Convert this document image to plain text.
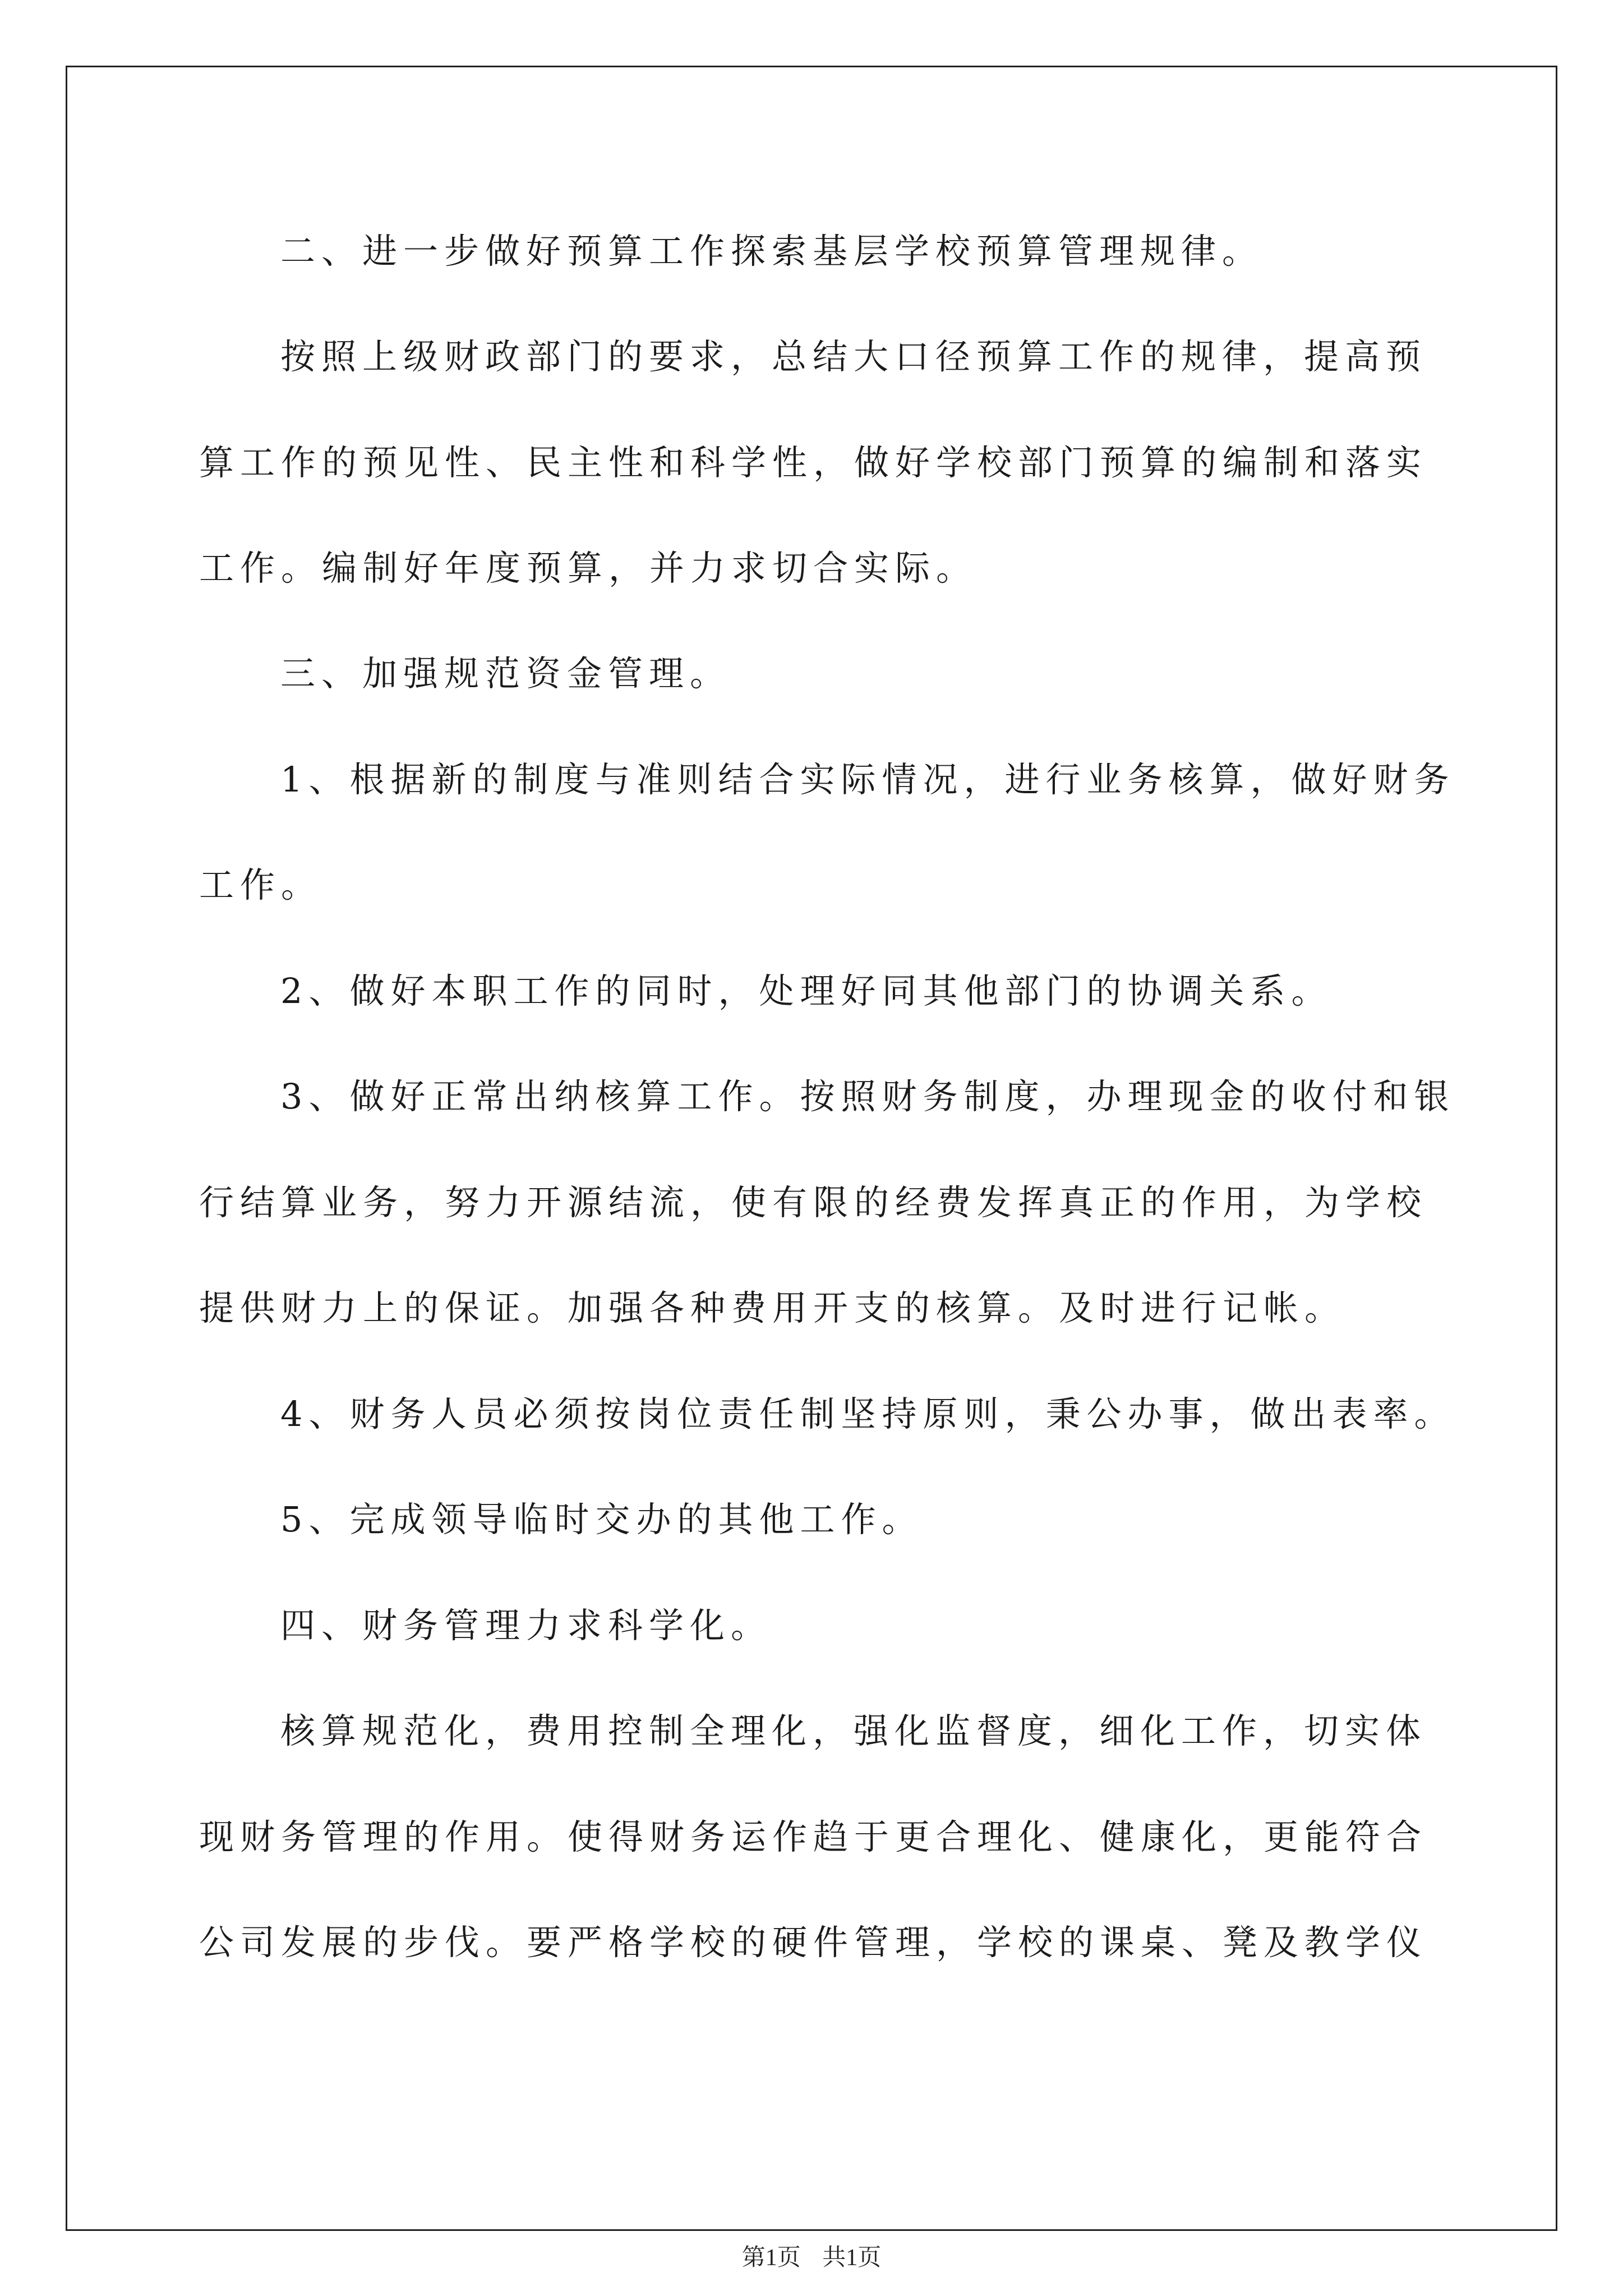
二、进一步做好预算工作探索基层学校预算管理规律。
按照上级财政部门的要求，总结大口径预算工作的规律，提高预
算工作的预见性、民主性和科学性，做好学校部门预算的编制和落实
工作。编制好年度预算，并力求切合实际。
三、加强规范资金管理。
1、根据新的制度与准则结合实际情况，进行业务核算，做好财务
工作。
2、做好本职工作的同时，处理好同其他部门的协调关系。
3、做好正常出纳核算工作。按照财务制度，办理现金的收付和银
行结算业务，努力开源结流，使有限的经费发挥真正的作用，为学校
提供财力上的保证。加强各种费用开支的核算。及时进行记帐。
4、财务人员必须按岗位责任制坚持原则，秉公办事，做出表率。
5、完成领导临时交办的其他工作。
四、财务管理力求科学化。
核算规范化，费用控制全理化，强化监督度，细化工作，切实体
现财务管理的作用。使得财务运作趋于更合理化、健康化，更能符合
公司发展的步伐。要严格学校的硬件管理，学校的课桌、凳及教学仪
第1页 共1页
